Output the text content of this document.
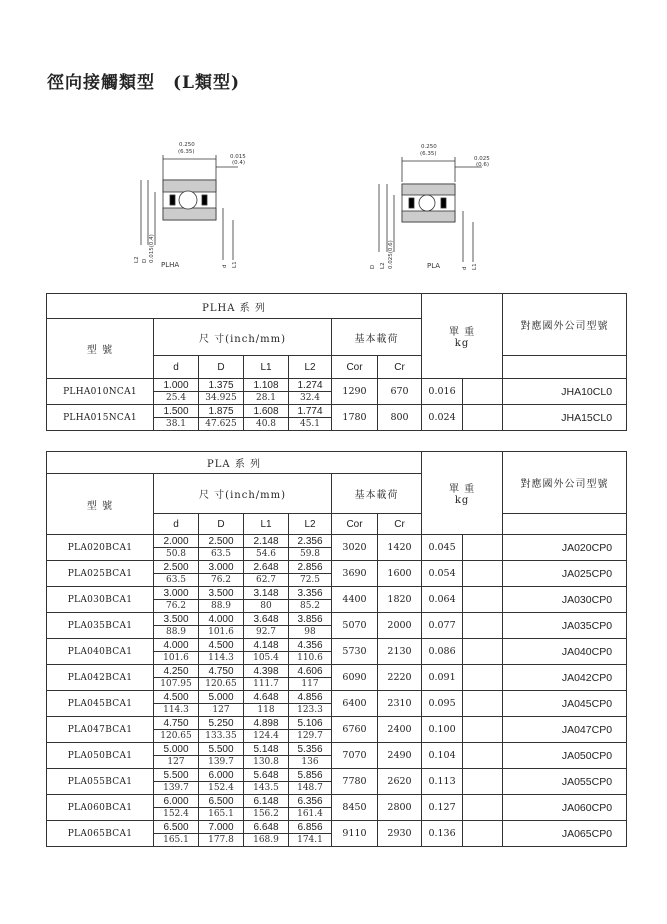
徑向接觸類型 (L類型)
0.250
(6.35)
0.015
(0.4)
PLHA
D
L2 0.015(0.4)
d L1
0.250
(6.35)
0.025
(0.6)
PLA
D L2 0.025(0.6)	d L1
PLHA 系 列							單 重
kg		對應國外公司型號
型 號	尺 寸(inch/mm)				基本載荷				
	d	D	L1	L2	Cor	Cr			
PLHA010NCA1	1.000	1.375	1.108	1.274	1290	670	0.016		JHA10CL0
	25.4	34.925	28.1	32.4					
PLHA015NCA1	1.500	1.875	1.608	1.774	1780	800	0.024		JHA15CL0
	38.1	47.625	40.8	45.1					
PLA 系 列							單 重
kg		對應國外公司型號
型 號	尺 寸(inch/mm)				基本載荷				
	d	D	L1	L2	Cor	Cr			
PLA020BCA1	2.000	2.500	2.148	2.356	3020	1420	0.045		JA020CP0
	50.8	63.5	54.6	59.8					
PLA025BCA1	2.500	3.000	2.648	2.856	3690	1600	0.054		JA025CP0
	63.5	76.2	62.7	72.5					
PLA030BCA1	3.000	3.500	3.148	3.356	4400	1820	0.064		JA030CP0
	76.2	88.9	80	85.2					
PLA035BCA1	3.500	4.000	3.648	3.856	5070	2000	0.077		JA035CP0
	88.9	101.6	92.7	98					
PLA040BCA1	4.000	4.500	4.148	4.356	5730	2130	0.086		JA040CP0
	101.6	114.3	105.4	110.6					
PLA042BCA1	4.250	4.750	4.398	4.606	6090	2220	0.091		JA042CP0
	107.95	120.65	111.7	117					
PLA045BCA1	4.500	5.000	4.648	4.856	6400	2310	0.095		JA045CP0
	114.3	127	118	123.3					
PLA047BCA1	4.750	5.250	4.898	5.106	6760	2400	0.100		JA047CP0
	120.65	133.35	124.4	129.7					
PLA050BCA1	5.000	5.500	5.148	5.356	7070	2490	0.104		JA050CP0
	127	139.7	130.8	136					
PLA055BCA1	5.500	6.000	5.648	5.856	7780	2620	0.113		JA055CP0
	139.7	152.4	143.5	148.7					
PLA060BCA1	6.000	6.500	6.148	6.356	8450	2800	0.127		JA060CP0
	152.4	165.1	156.2	161.4					
PLA065BCA1	6.500	7.000	6.648	6.856	9110	2930	0.136		JA065CP0
	165.1	177.8	168.9	174.1					
